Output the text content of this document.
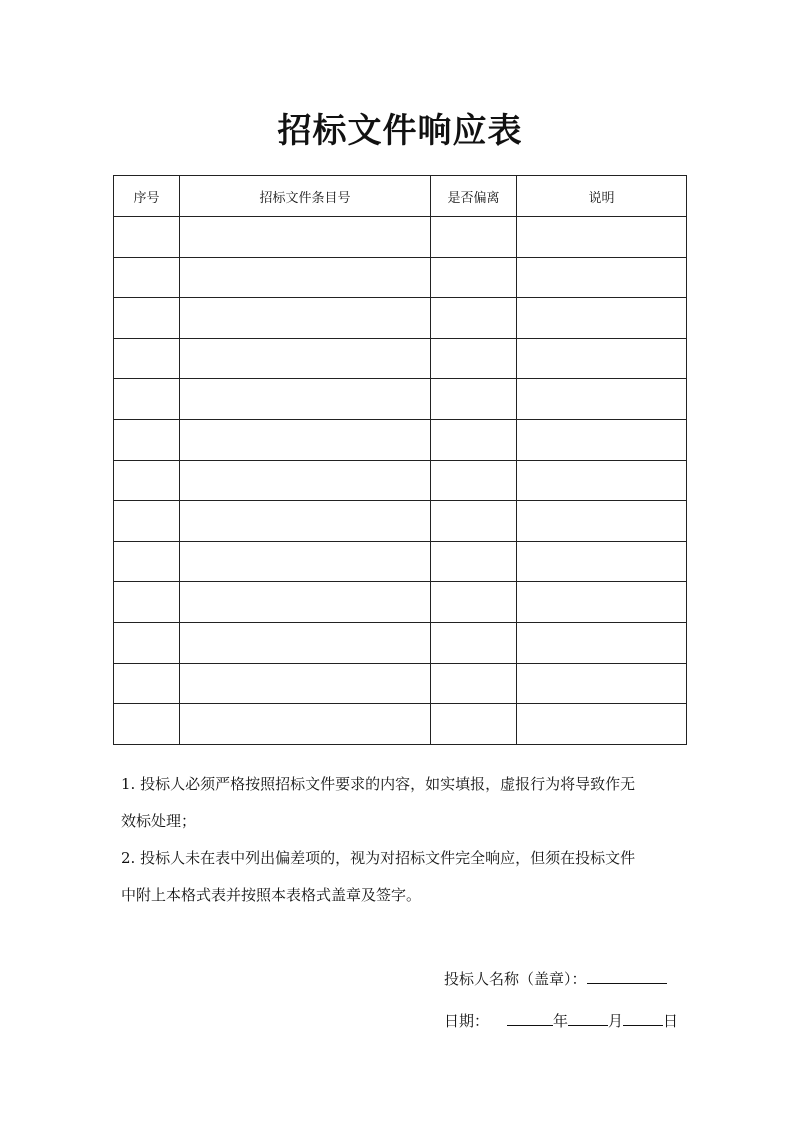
招标文件响应表
序号	招标文件条目号	是否偏离	说明

1. 投标人必须严格按照招标文件要求的内容，如实填报，虚报行为将导致作无

效标处理；

2. 投标人未在表中列出偏差项的，视为对招标文件完全响应，但须在投标文件

中附上本格式表并按照本表格式盖章及签字。

投标人名称（盖章）：
日期：	年	月	日
